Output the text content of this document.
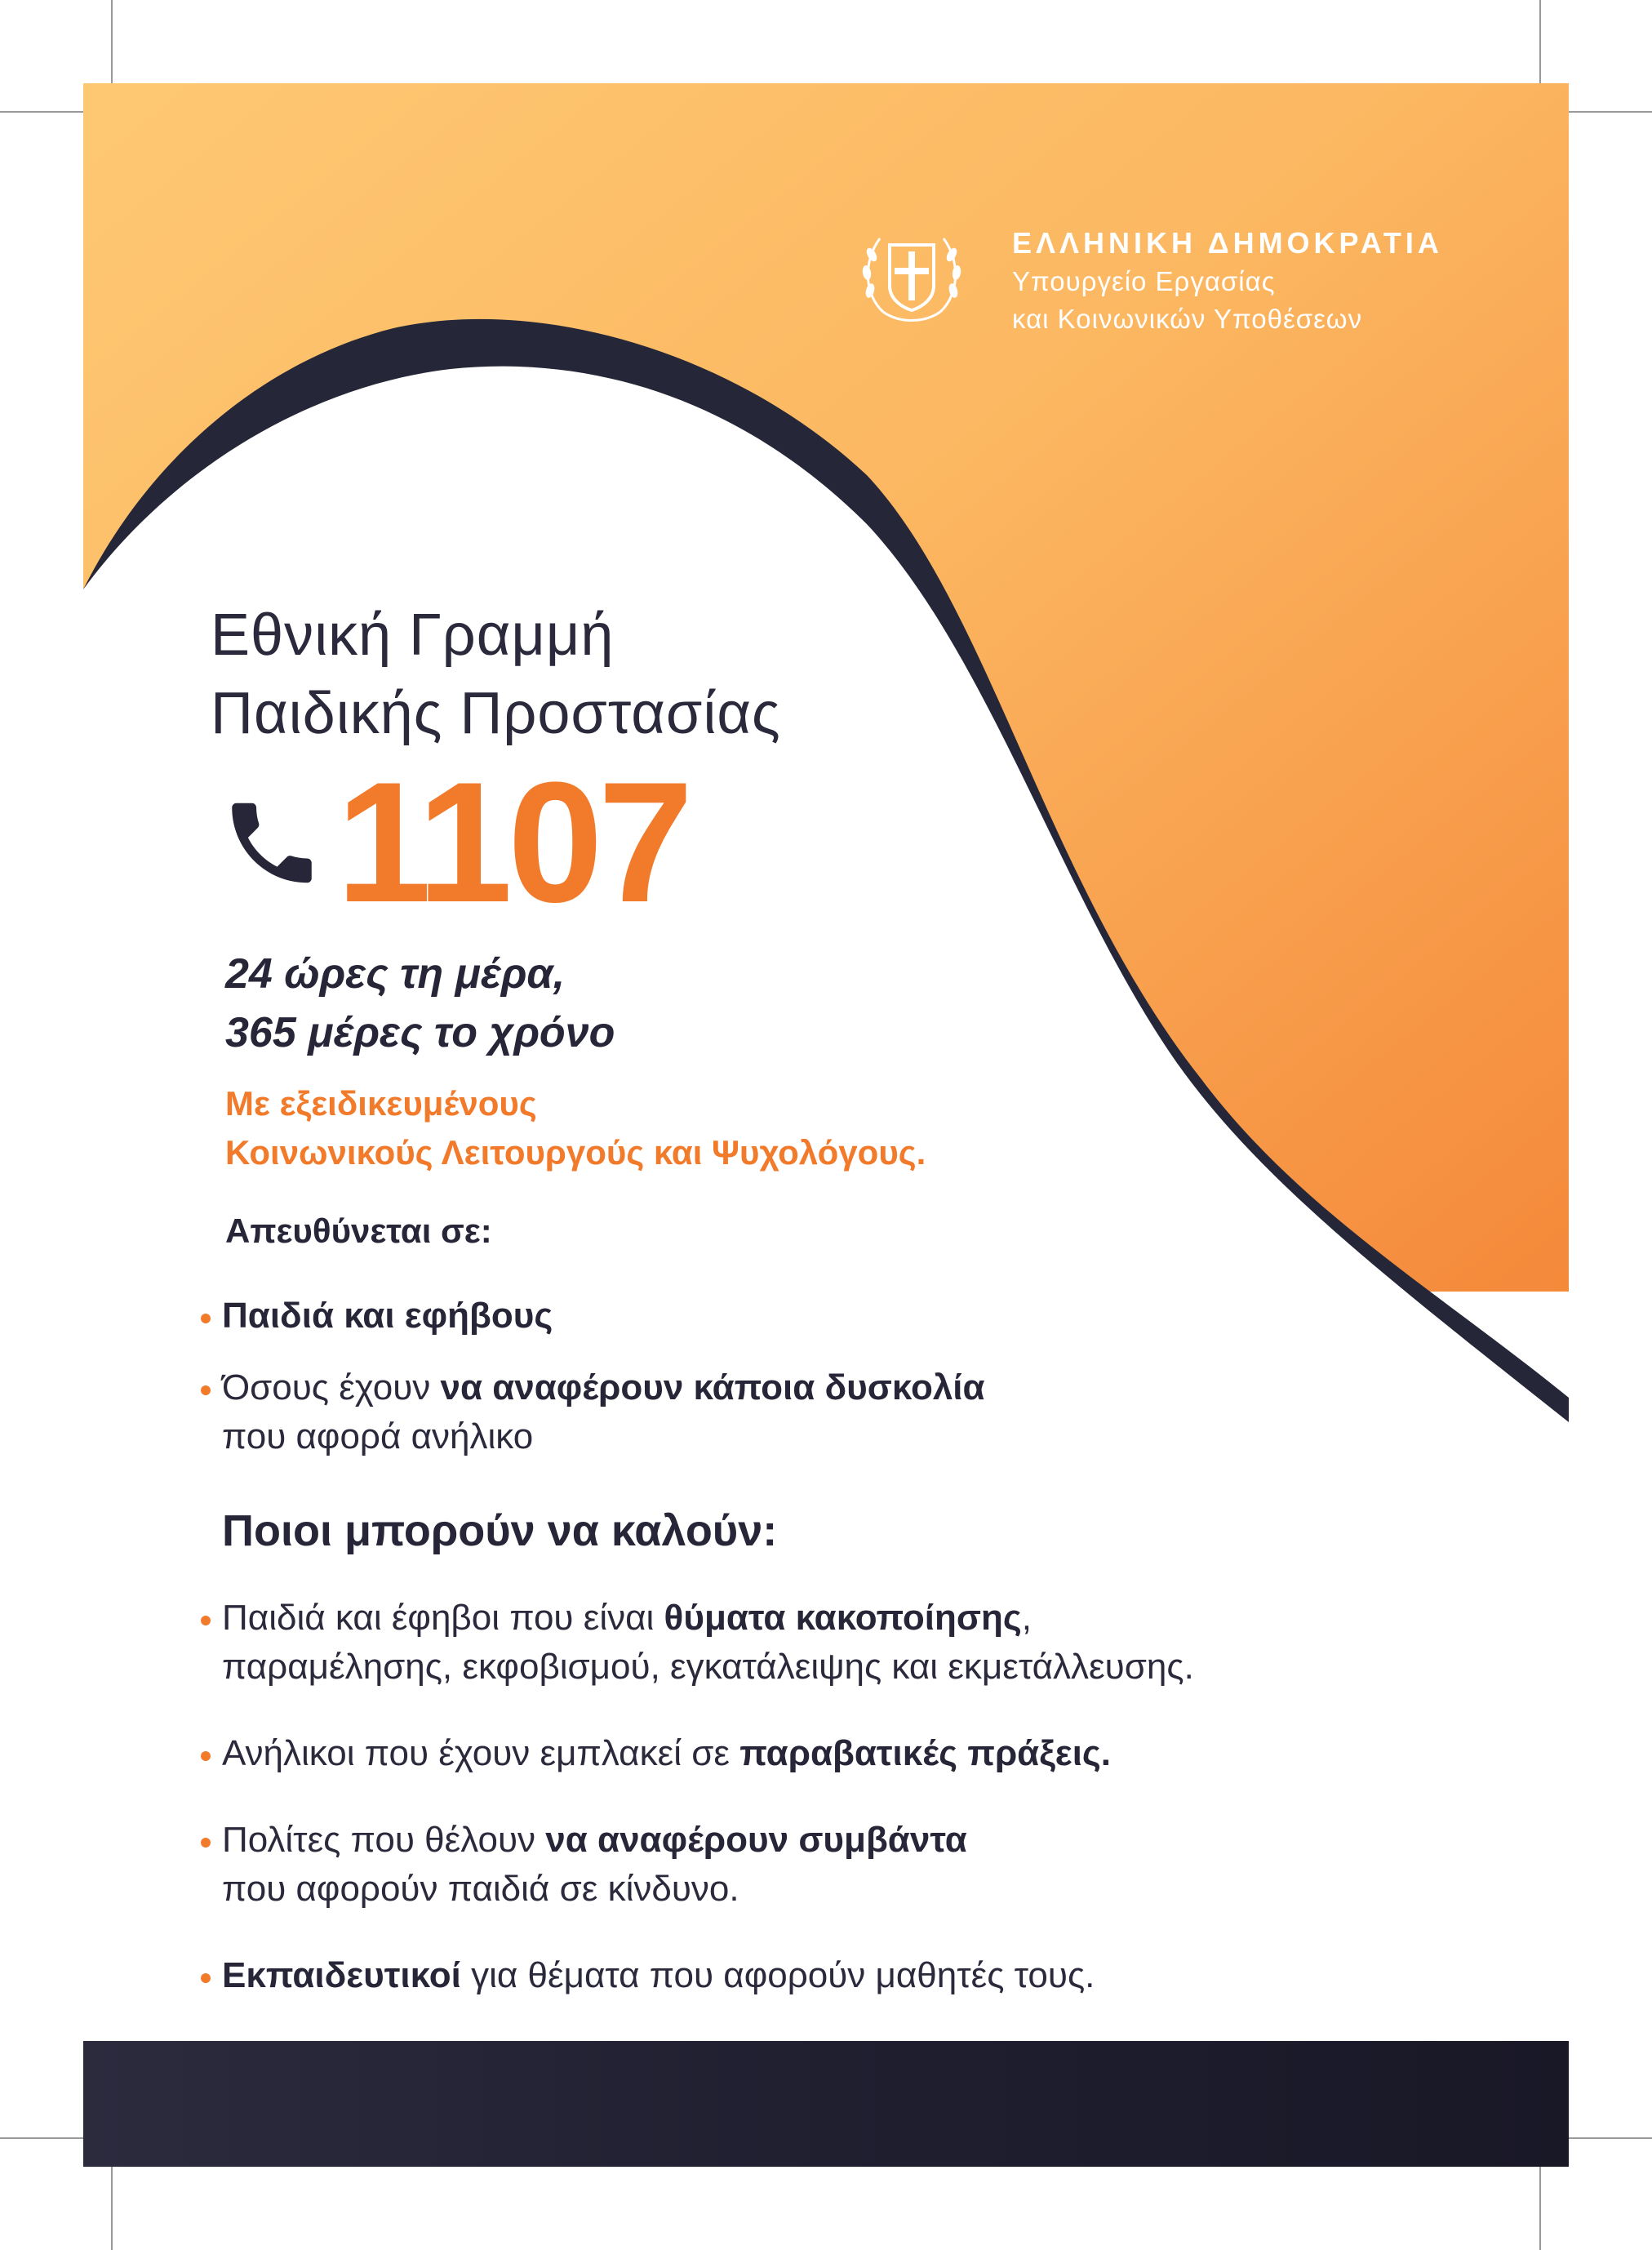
ΕΛΛΗΝΙΚΗ ΔΗΜΟΚΡΑΤΙΑ
Υπουργείο Εργασίας
και Κοινωνικών Υποθέσεων
Εθνική Γραμμή
Παιδικής Προστασίας
1107
24 ώρες τη μέρα,
365 μέρες το χρόνο
Με εξειδικευμένους
Κοινωνικούς Λειτουργούς και Ψυχολόγους.
Απευθύνεται σε:
Παιδιά και εφήβους
Όσους έχουν να αναφέρουν κάποια δυσκολία
που αφορά ανήλικο
Ποιοι μπορούν να καλούν:
Παιδιά και έφηβοι που είναι θύματα κακοποίησης,
παραμέλησης, εκφοβισμού, εγκατάλειψης και εκμετάλλευσης.
Ανήλικοι που έχουν εμπλακεί σε παραβατικές πράξεις.
Πολίτες που θέλουν να αναφέρουν συμβάντα
που αφορούν παιδιά σε κίνδυνο.
Εκπαιδευτικοί για θέματα που αφορούν μαθητές τους.
